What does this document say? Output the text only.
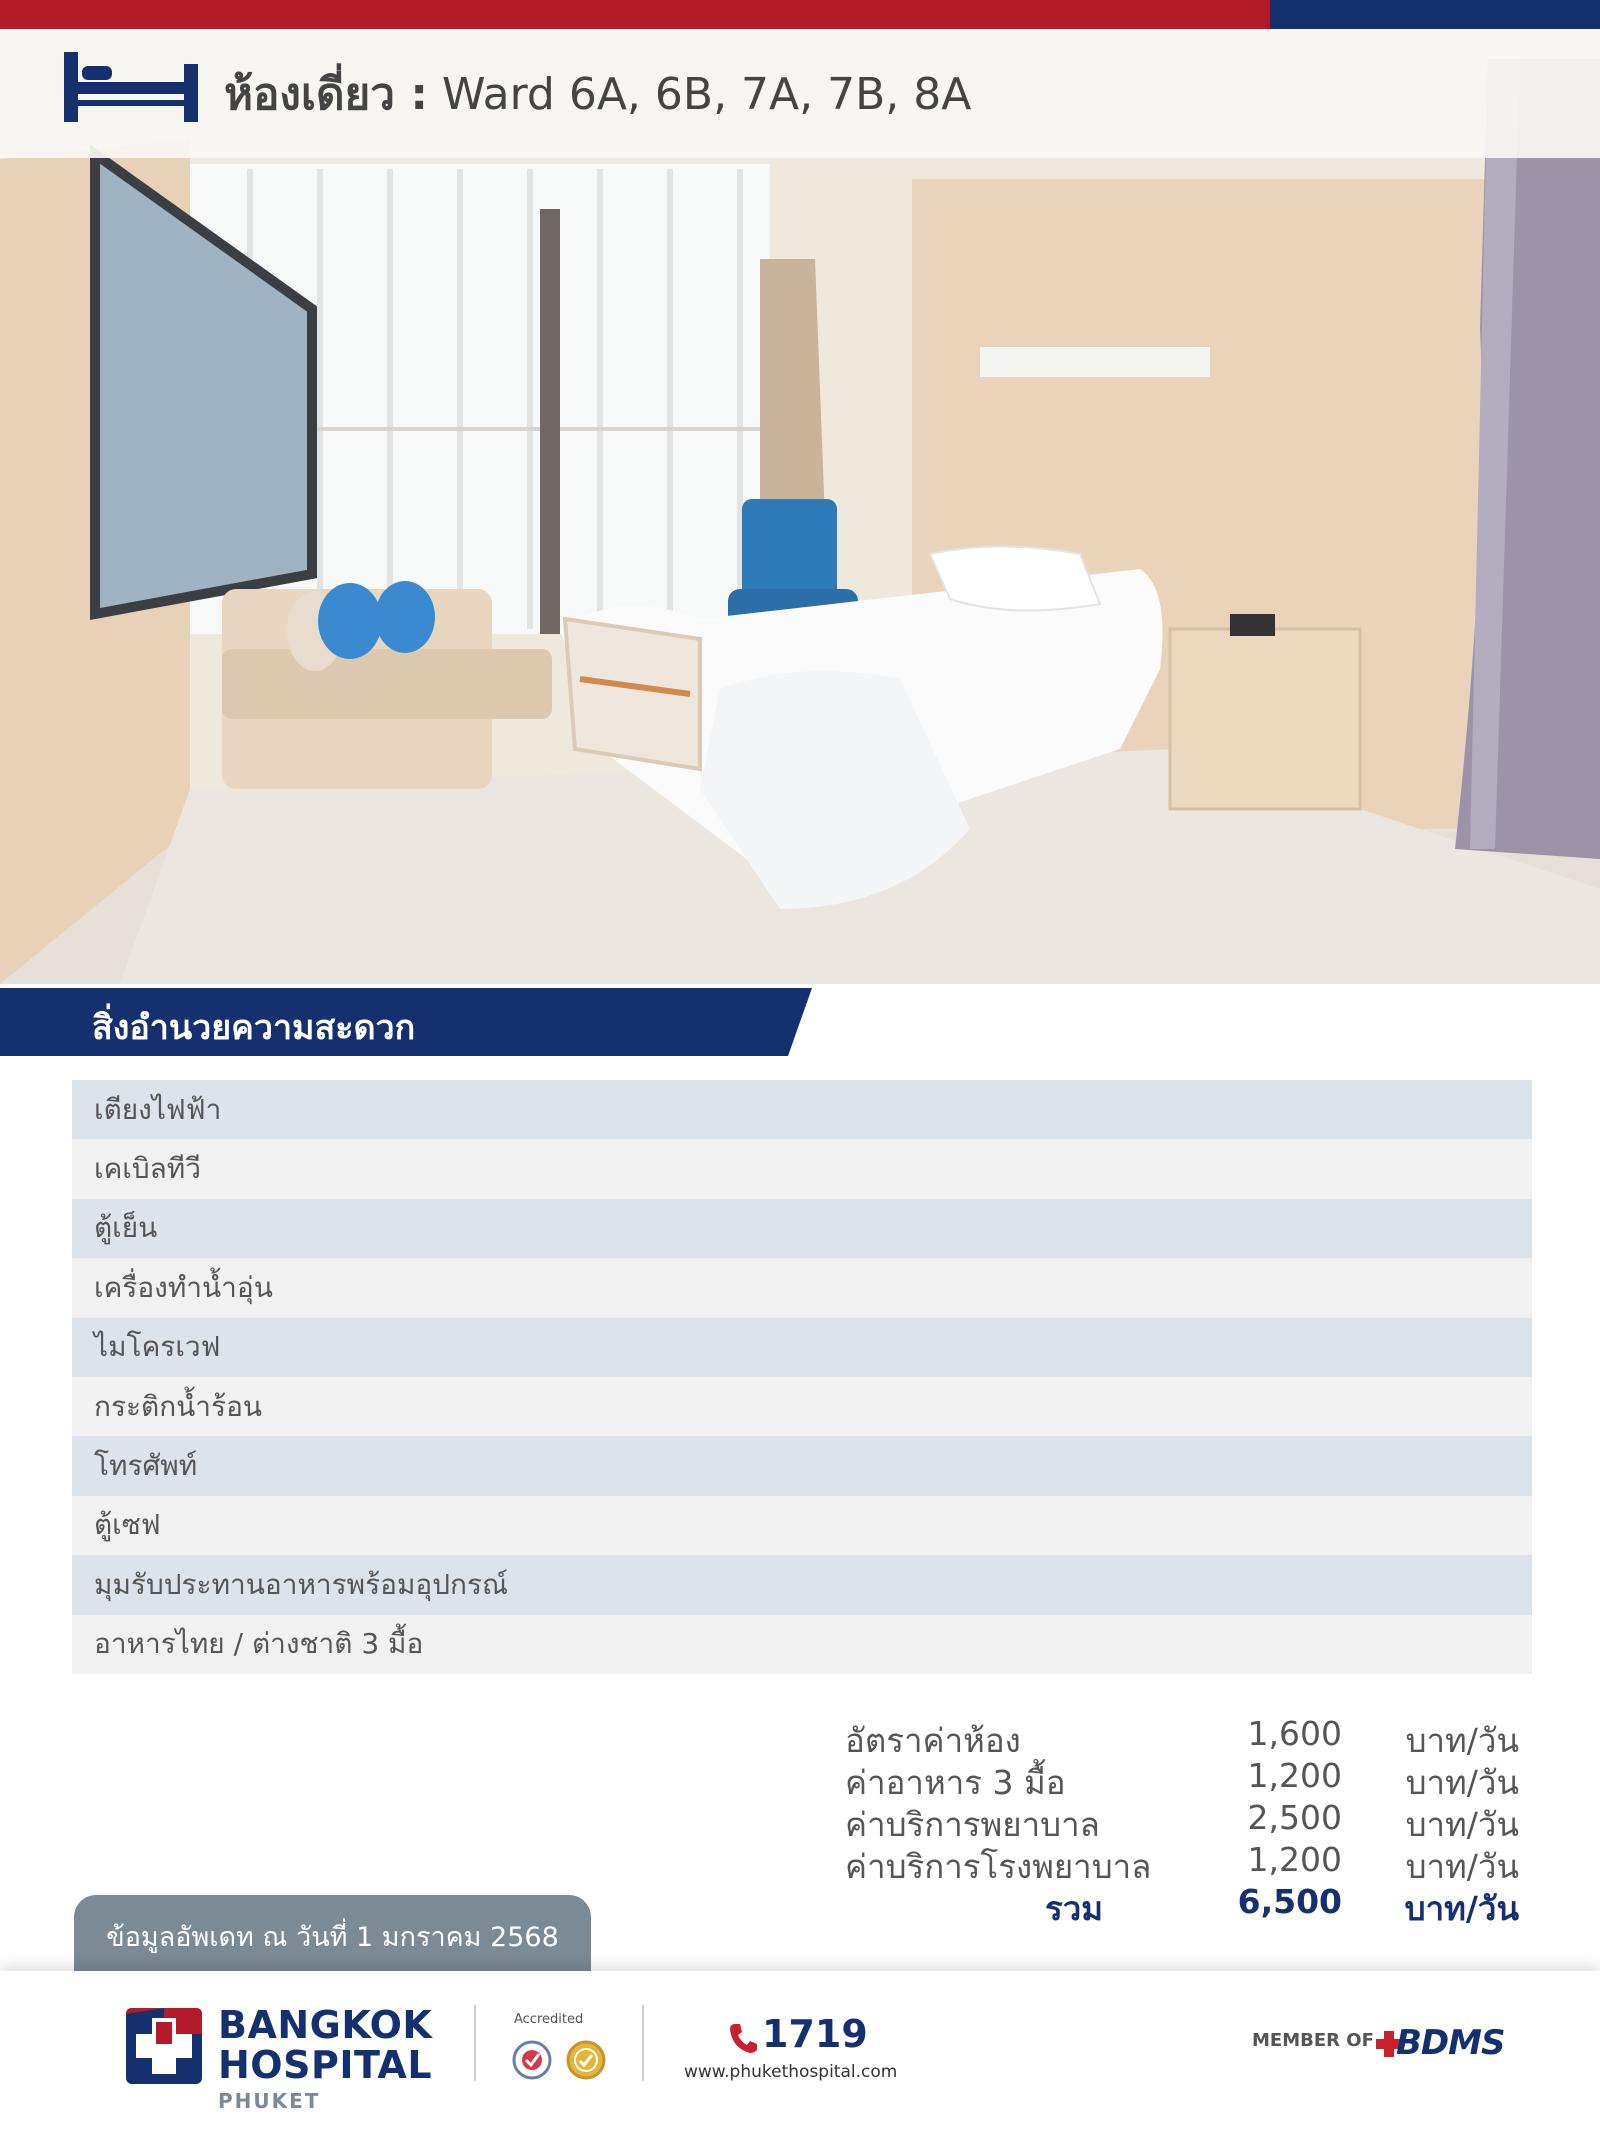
ห้องเดี่ยว : Ward 6A, 6B, 7A, 7B, 8A
สิ่งอำนวยความสะดวก
เตียงไฟฟ้า
เคเบิลทีวี
ตู้เย็น
เครื่องทำน้ำอุ่น
ไมโครเวฟ
กระติกน้ำร้อน
โทรศัพท์
ตู้เซฟ
มุมรับประทานอาหารพร้อมอุปกรณ์
อาหารไทย / ต่างชาติ 3 มื้อ
อัตราค่าห้อง	1,600 บาท/วัน
ค่าอาหาร 3 มื้อ	1,200 บาท/วัน
ค่าบริการพยาบาล	2,500 บาท/วัน
ค่าบริการโรงพยาบาล	1,200 บาท/วัน
รวม	6,500 บาท/วัน
ข้อมูลอัพเดท ณ วันที่ 1 มกราคม 2568
BANGKOK
HOSPITAL
PHUKET
Accredited	1719
www.phukethospital.com
MEMBER OF BDMS
